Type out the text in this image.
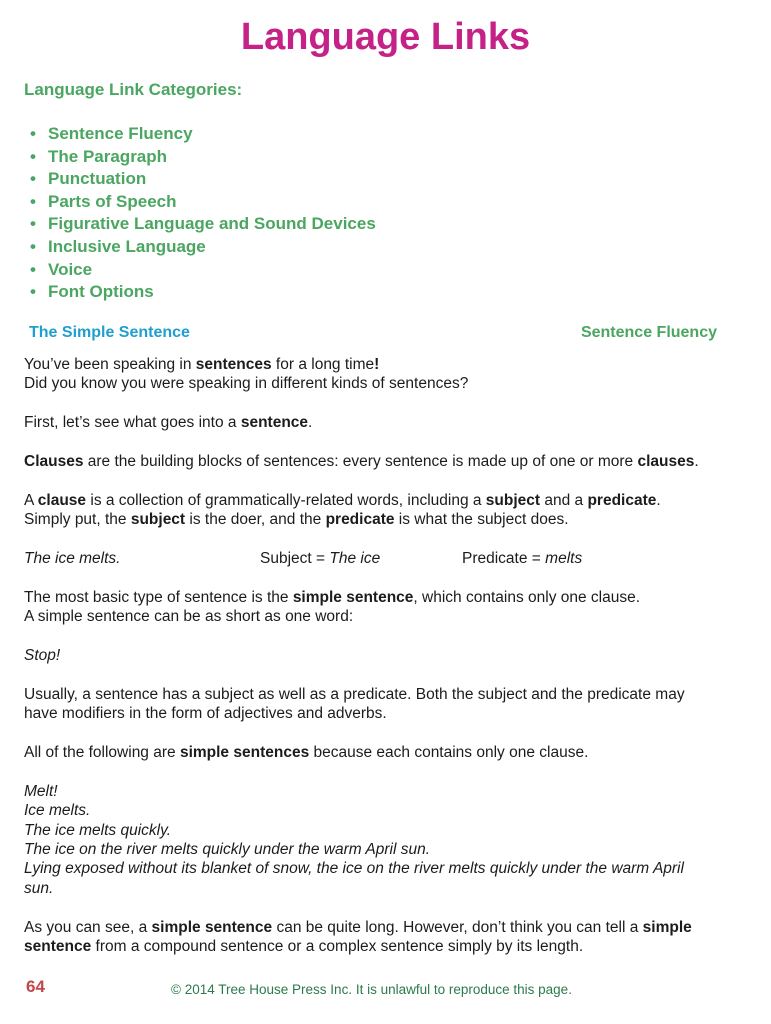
Language Links
Language Link Categories:
• Sentence Fluency
• The Paragraph
• Punctuation
• Parts of Speech
• Figurative Language and Sound Devices
• Inclusive Language
• Voice
• Font Options
The Simple Sentence	Sentence Fluency

You’ve been speaking in sentences for a long time!
Did you know you were speaking in different kinds of sentences?

First, let’s see what goes into a sentence.

Clauses are the building blocks of sentences: every sentence is made up of one or more clauses.

A clause is a collection of grammatically-related words, including a subject and a predicate.
Simply put, the subject is the doer, and the predicate is what the subject does.

The ice melts.	Subject = The ice	Predicate = melts

The most basic type of sentence is the simple sentence, which contains only one clause.
A simple sentence can be as short as one word:

Stop!

Usually, a sentence has a subject as well as a predicate. Both the subject and the predicate may
have modifiers in the form of adjectives and adverbs.

All of the following are simple sentences because each contains only one clause.

Melt!
Ice melts.
The ice melts quickly.
The ice on the river melts quickly under the warm April sun.
Lying exposed without its blanket of snow, the ice on the river melts quickly under the warm April
sun.

As you can see, a simple sentence can be quite long. However, don’t think you can tell a simple
sentence from a compound sentence or a complex sentence simply by its length.

64	© 2014 Tree House Press Inc. It is unlawful to reproduce this page.
